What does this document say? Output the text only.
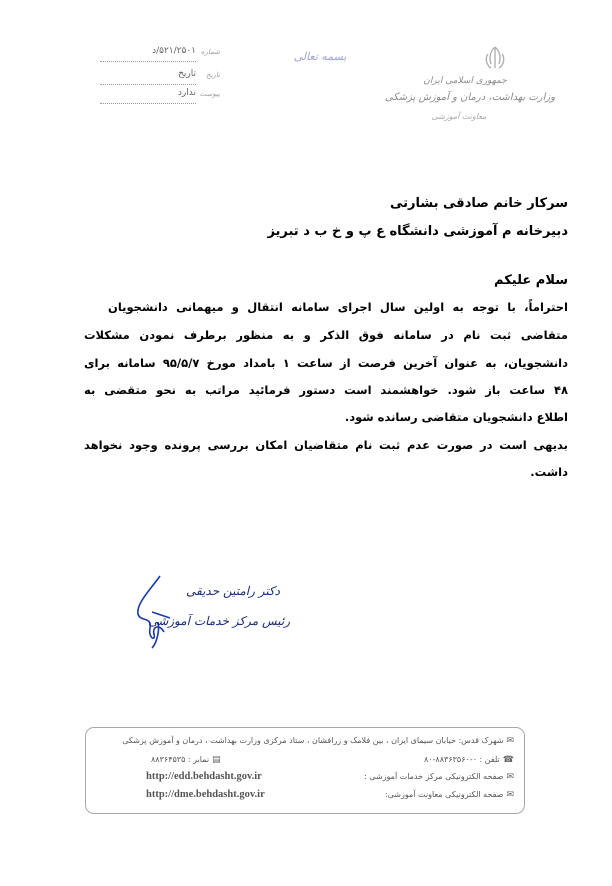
جمهوری اسلامی ایران
وزارت بهداشت، درمان و آموزش پزشکی
معاونت آموزشی
بسمه تعالی
شماره
۵۲۱/۲۵۰۱/د
تاریخ
تاریخ
پیوست
ندارد
سرکار خانم صادقی بشارتی
دبیرخانه م آموزشی دانشگاه ع پ و خ ب د تبریز
سلام علیکم
احتراماً، با توجه به اولین سال اجرای سامانه انتقال و میهمانی دانشجویان
متقاضی ثبت نام در سامانه فوق الذکر و به منظور برطرف نمودن مشکلات
دانشجویان، به عنوان آخرین فرصت از ساعت ۱ بامداد مورخ ۹۵/۵/۷ سامانه برای
۴۸ ساعت باز شود. خواهشمند است دستور فرمائید مراتب به نحو متقضی به
اطلاع دانشجویان متقاضی رسانده شود.
بدیهی است در صورت عدم ثبت نام متقاضیان امکان بررسی پرونده وجود نخواهد
داشت.
دکتر رامتین حدیقی
رئیس مرکز خدمات آموزشی
✉شهرک قدس: خیابان سیمای ایران ، بین فلامک و زرافشان ، ستاد مرکزی وزارت بهداشت ، درمان و آموزش پزشکی
☎تلفن : ۰-۸۸۳۶۳۵۶۰-۸۰
▤نمابر : ۸۸۳۶۴۵۳۵
✉صفحه الکترونیکی مرکز خدمات آموزشی :
http://edd.behdasht.gov.ir
✉صفحه الکترونیکی معاونت آموزشی:
http://dme.behdasht.gov.ir
